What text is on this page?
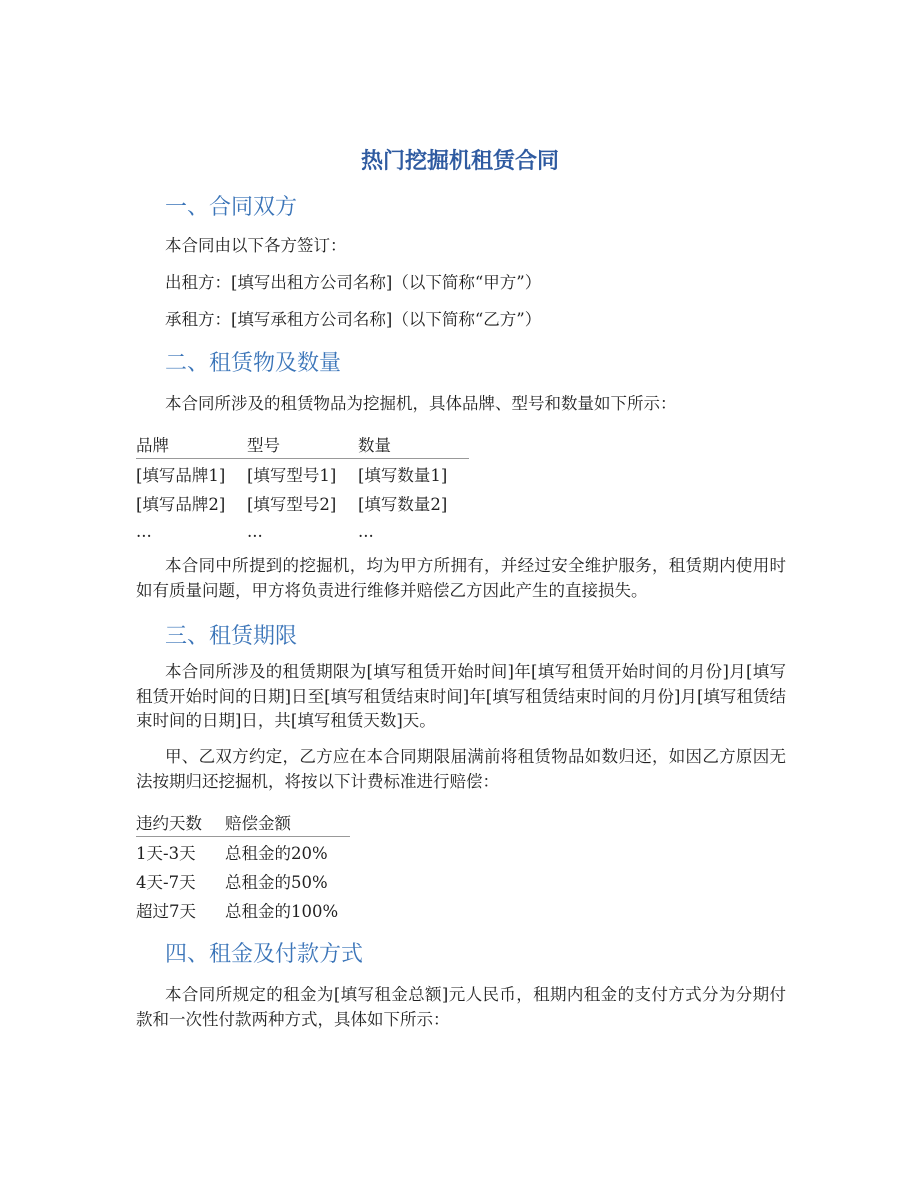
热门挖掘机租赁合同
一、合同双方
本合同由以下各方签订：
出租方：[填写出租方公司名称]（以下简称“甲方”）
承租方：[填写承租方公司名称]（以下简称“乙方”）
二、租赁物及数量
本合同所涉及的租赁物品为挖掘机，具体品牌、型号和数量如下所示：
品牌	型号	数量
[填写品牌1]	[填写型号1]	[填写数量1]
[填写品牌2]	[填写型号2]	[填写数量2]
...	...	...
本合同中所提到的挖掘机，均为甲方所拥有，并经过安全维护服务，租赁期内使用时如有质量问题，甲方将负责进行维修并赔偿乙方因此产生的直接损失。
三、租赁期限
本合同所涉及的租赁期限为[填写租赁开始时间]年[填写租赁开始时间的月份]月[填写租赁开始时间的日期]日至[填写租赁结束时间]年[填写租赁结束时间的月份]月[填写租赁结束时间的日期]日，共[填写租赁天数]天。
甲、乙双方约定，乙方应在本合同期限届满前将租赁物品如数归还，如因乙方原因无法按期归还挖掘机，将按以下计费标准进行赔偿：
违约天数	赔偿金额
1天-3天	总租金的20%
4天-7天	总租金的50%
超过7天	总租金的100%
四、租金及付款方式
本合同所规定的租金为[填写租金总额]元人民币，租期内租金的支付方式分为分期付款和一次性付款两种方式，具体如下所示：
